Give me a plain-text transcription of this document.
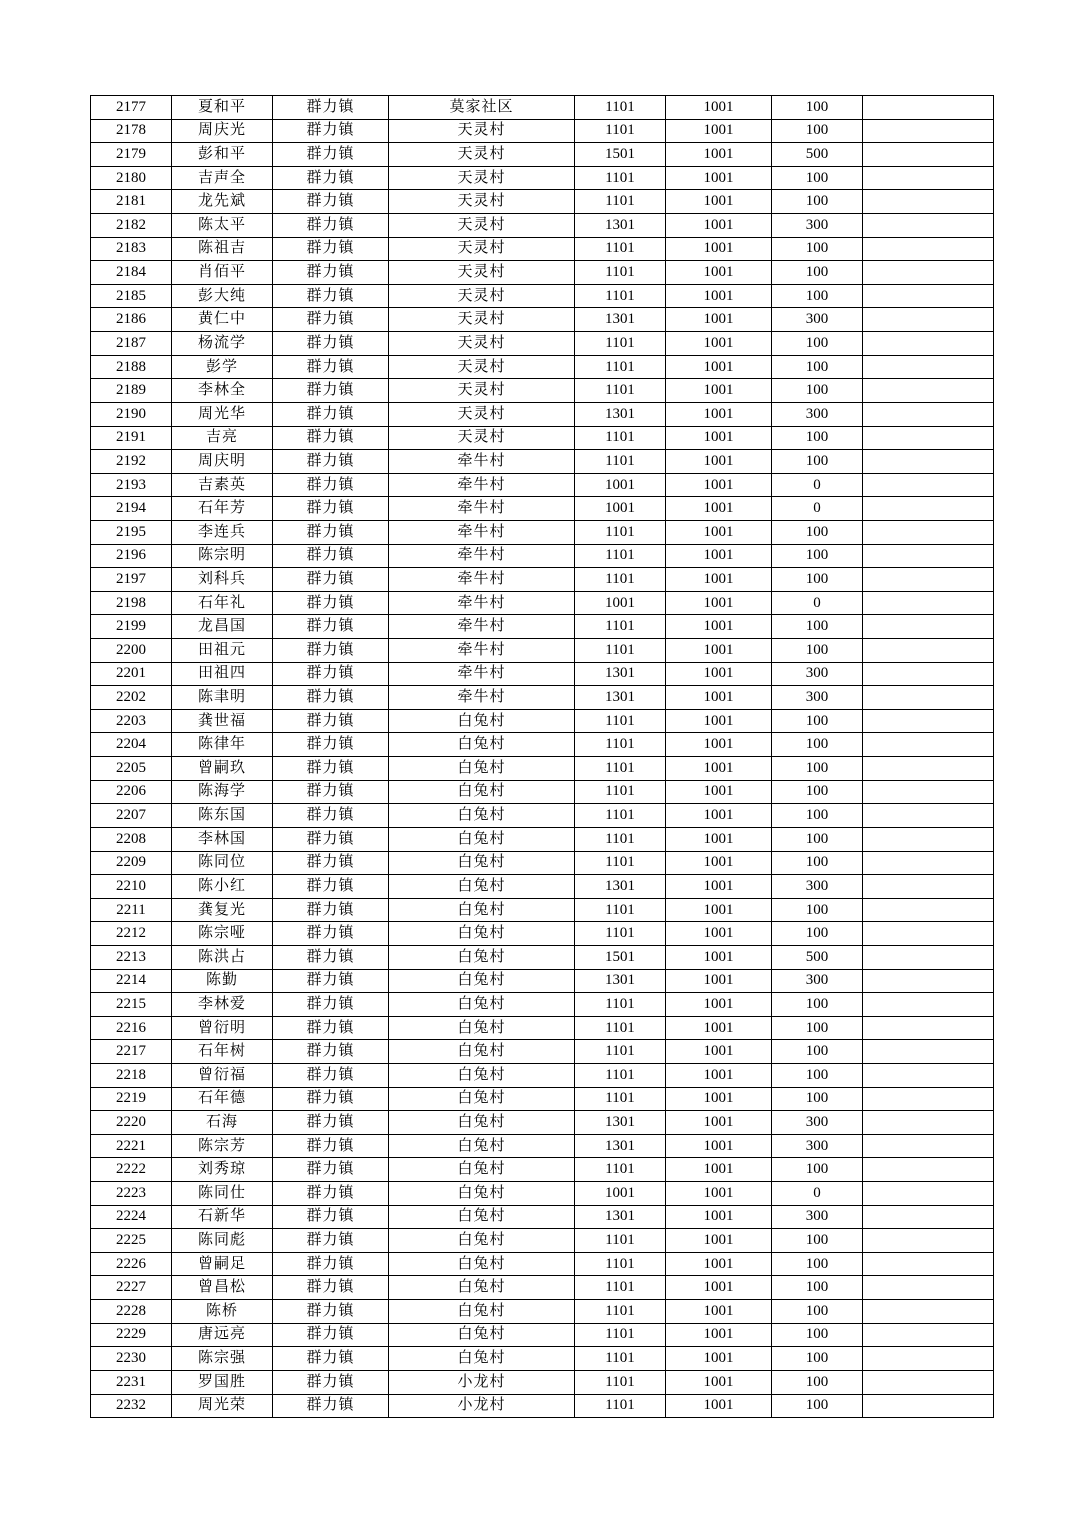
2177	夏和平	群力镇	莫家社区	1101	1001	100	
2178	周庆光	群力镇	天灵村	1101	1001	100	
2179	彭和平	群力镇	天灵村	1501	1001	500	
2180	吉声全	群力镇	天灵村	1101	1001	100	
2181	龙先斌	群力镇	天灵村	1101	1001	100	
2182	陈太平	群力镇	天灵村	1301	1001	300	
2183	陈祖吉	群力镇	天灵村	1101	1001	100	
2184	肖佰平	群力镇	天灵村	1101	1001	100	
2185	彭大纯	群力镇	天灵村	1101	1001	100	
2186	黄仁中	群力镇	天灵村	1301	1001	300	
2187	杨流学	群力镇	天灵村	1101	1001	100	
2188	彭学	群力镇	天灵村	1101	1001	100	
2189	李林全	群力镇	天灵村	1101	1001	100	
2190	周光华	群力镇	天灵村	1301	1001	300	
2191	吉亮	群力镇	天灵村	1101	1001	100	
2192	周庆明	群力镇	牵牛村	1101	1001	100	
2193	吉素英	群力镇	牵牛村	1001	1001	0	
2194	石年芳	群力镇	牵牛村	1001	1001	0	
2195	李连兵	群力镇	牵牛村	1101	1001	100	
2196	陈宗明	群力镇	牵牛村	1101	1001	100	
2197	刘科兵	群力镇	牵牛村	1101	1001	100	
2198	石年礼	群力镇	牵牛村	1001	1001	0	
2199	龙昌国	群力镇	牵牛村	1101	1001	100	
2200	田祖元	群力镇	牵牛村	1101	1001	100	
2201	田祖四	群力镇	牵牛村	1301	1001	300	
2202	陈聿明	群力镇	牵牛村	1301	1001	300	
2203	龚世福	群力镇	白兔村	1101	1001	100	
2204	陈律年	群力镇	白兔村	1101	1001	100	
2205	曾嗣玖	群力镇	白兔村	1101	1001	100	
2206	陈海学	群力镇	白兔村	1101	1001	100	
2207	陈东国	群力镇	白兔村	1101	1001	100	
2208	李林国	群力镇	白兔村	1101	1001	100	
2209	陈同位	群力镇	白兔村	1101	1001	100	
2210	陈小红	群力镇	白兔村	1301	1001	300	
2211	龚复光	群力镇	白兔村	1101	1001	100	
2212	陈宗哑	群力镇	白兔村	1101	1001	100	
2213	陈洪占	群力镇	白兔村	1501	1001	500	
2214	陈勤	群力镇	白兔村	1301	1001	300	
2215	李林爱	群力镇	白兔村	1101	1001	100	
2216	曾衍明	群力镇	白兔村	1101	1001	100	
2217	石年树	群力镇	白兔村	1101	1001	100	
2218	曾衍福	群力镇	白兔村	1101	1001	100	
2219	石年德	群力镇	白兔村	1101	1001	100	
2220	石海	群力镇	白兔村	1301	1001	300	
2221	陈宗芳	群力镇	白兔村	1301	1001	300	
2222	刘秀琼	群力镇	白兔村	1101	1001	100	
2223	陈同仕	群力镇	白兔村	1001	1001	0	
2224	石新华	群力镇	白兔村	1301	1001	300	
2225	陈同彪	群力镇	白兔村	1101	1001	100	
2226	曾嗣足	群力镇	白兔村	1101	1001	100	
2227	曾昌松	群力镇	白兔村	1101	1001	100	
2228	陈桥	群力镇	白兔村	1101	1001	100	
2229	唐远亮	群力镇	白兔村	1101	1001	100	
2230	陈宗强	群力镇	白兔村	1101	1001	100	
2231	罗国胜	群力镇	小龙村	1101	1001	100	
2232	周光荣	群力镇	小龙村	1101	1001	100	
